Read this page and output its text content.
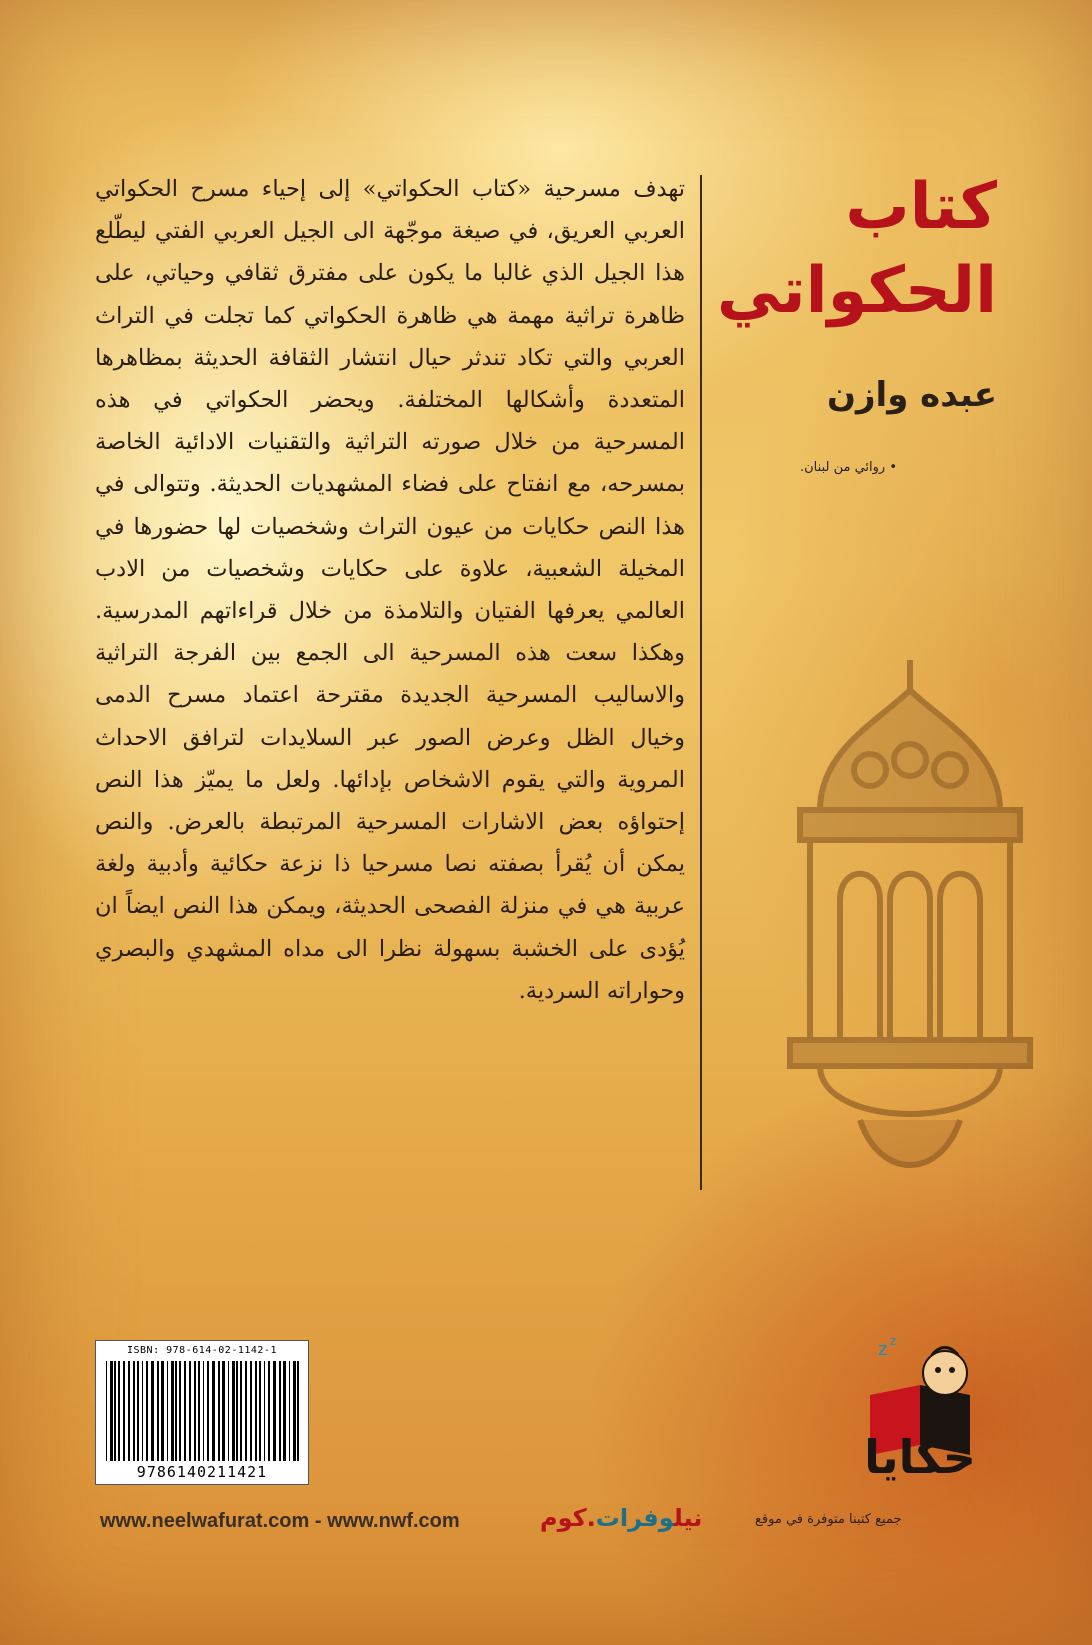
كتاب
الحكواتي
عبده وازن
• روائي من لبنان.
تهدف مسرحية «كتاب الحكواتي» إلى إحياء مسرح الحكواتي العربي العريق، في صيغة موجّهة الى الجيل العربي الفتي ليطّلع هذا الجيل الذي غالبا ما يكون على مفترق ثقافي وحياتي، على ظاهرة تراثية مهمة هي ظاهرة الحكواتي كما تجلت في التراث العربي والتي تكاد تندثر حيال انتشار الثقافة الحديثة بمظاهرها المتعددة وأشكالها المختلفة. ويحضر الحكواتي في هذه المسرحية من خلال صورته التراثية والتقنيات الادائية الخاصة بمسرحه، مع انفتاح على فضاء المشهديات الحديثة. وتتوالى في هذا النص حكايات من عيون التراث وشخصيات لها حضورها في المخيلة الشعبية، علاوة على حكايات وشخصيات من الادب العالمي يعرفها الفتيان والتلامذة من خلال قراءاتهم المدرسية. وهكذا سعت هذه المسرحية الى الجمع بين الفرجة التراثية والاساليب المسرحية الجديدة مقترحة اعتماد مسرح الدمى وخيال الظل وعرض الصور عبر السلايدات لترافق الاحداث المروية والتي يقوم الاشخاص بإدائها. ولعل ما يميّز هذا النص إحتواؤه بعض الاشارات المسرحية المرتبطة بالعرض. والنص يمكن أن يُقرأ بصفته نصا مسرحيا ذا نزعة حكائية وأدبية ولغة عربية هي في منزلة الفصحى الحديثة، ويمكن هذا النص ايضاً ان يُؤدى على الخشبة بسهولة نظرا الى مداه المشهدي والبصري وحواراته السردية.
z z
حكايا
ISBN: 978-614-02-1142-1
9786140211421
www.neelwafurat.com - www.nwf.com	نيلوفرات.كوم	جميع كتبنا متوفرة في موقع
